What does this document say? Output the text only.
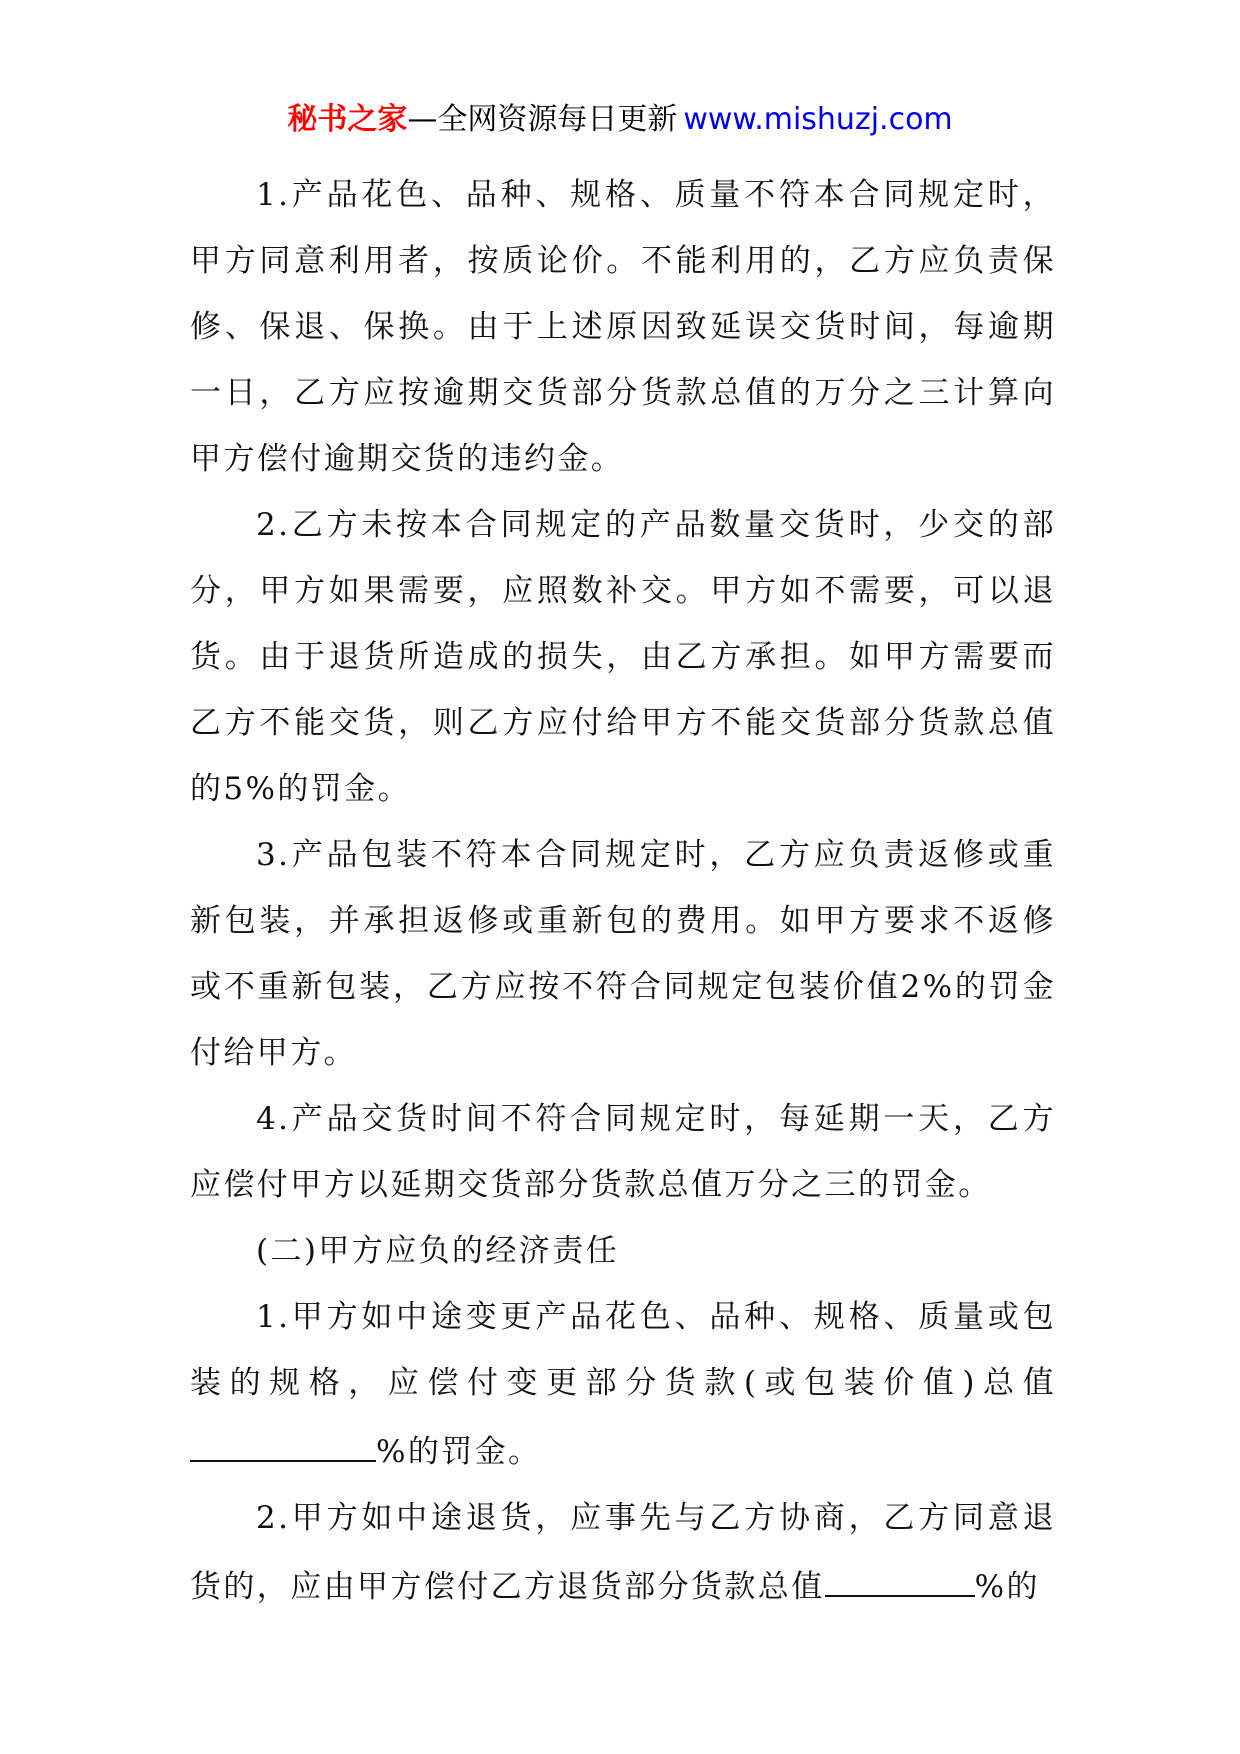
秘书之家—全网资源每日更新 www.mishuzj.com

1.产品花色、品种、规格、质量不符本合同规定时，甲方同意利用者，按质论价。不能利用的，乙方应负责保修、保退、保换。由于上述原因致延误交货时间，每逾期一日，乙方应按逾期交货部分货款总值的万分之三计算向甲方偿付逾期交货的违约金。

2.乙方未按本合同规定的产品数量交货时，少交的部分，甲方如果需要，应照数补交。甲方如不需要，可以退货。由于退货所造成的损失，由乙方承担。如甲方需要而乙方不能交货，则乙方应付给甲方不能交货部分货款总值的5%的罚金。

3.产品包装不符本合同规定时，乙方应负责返修或重新包装，并承担返修或重新包的费用。如甲方要求不返修或不重新包装，乙方应按不符合同规定包装价值2%的罚金付给甲方。

4.产品交货时间不符合同规定时，每延期一天，乙方应偿付甲方以延期交货部分货款总值万分之三的罚金。

(二)甲方应负的经济责任

1.甲方如中途变更产品花色、品种、规格、质量或包装的规格，应偿付变更部分货款(或包装价值)总值%的罚金。

2.甲方如中途退货，应事先与乙方协商，乙方同意退货的，应由甲方偿付乙方退货部分货款总值	%的
